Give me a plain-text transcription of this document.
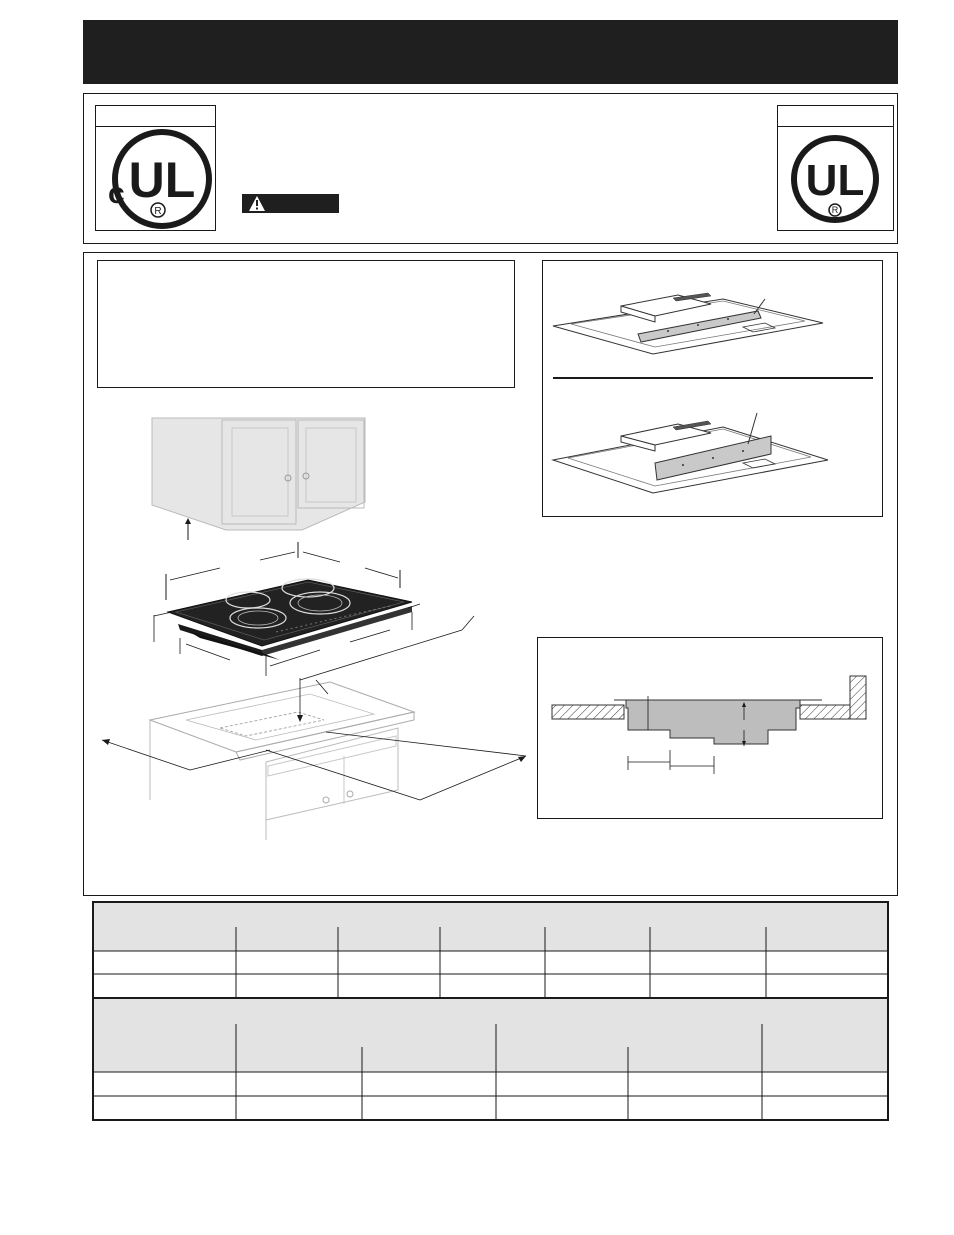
UL
c
R
UL
R
